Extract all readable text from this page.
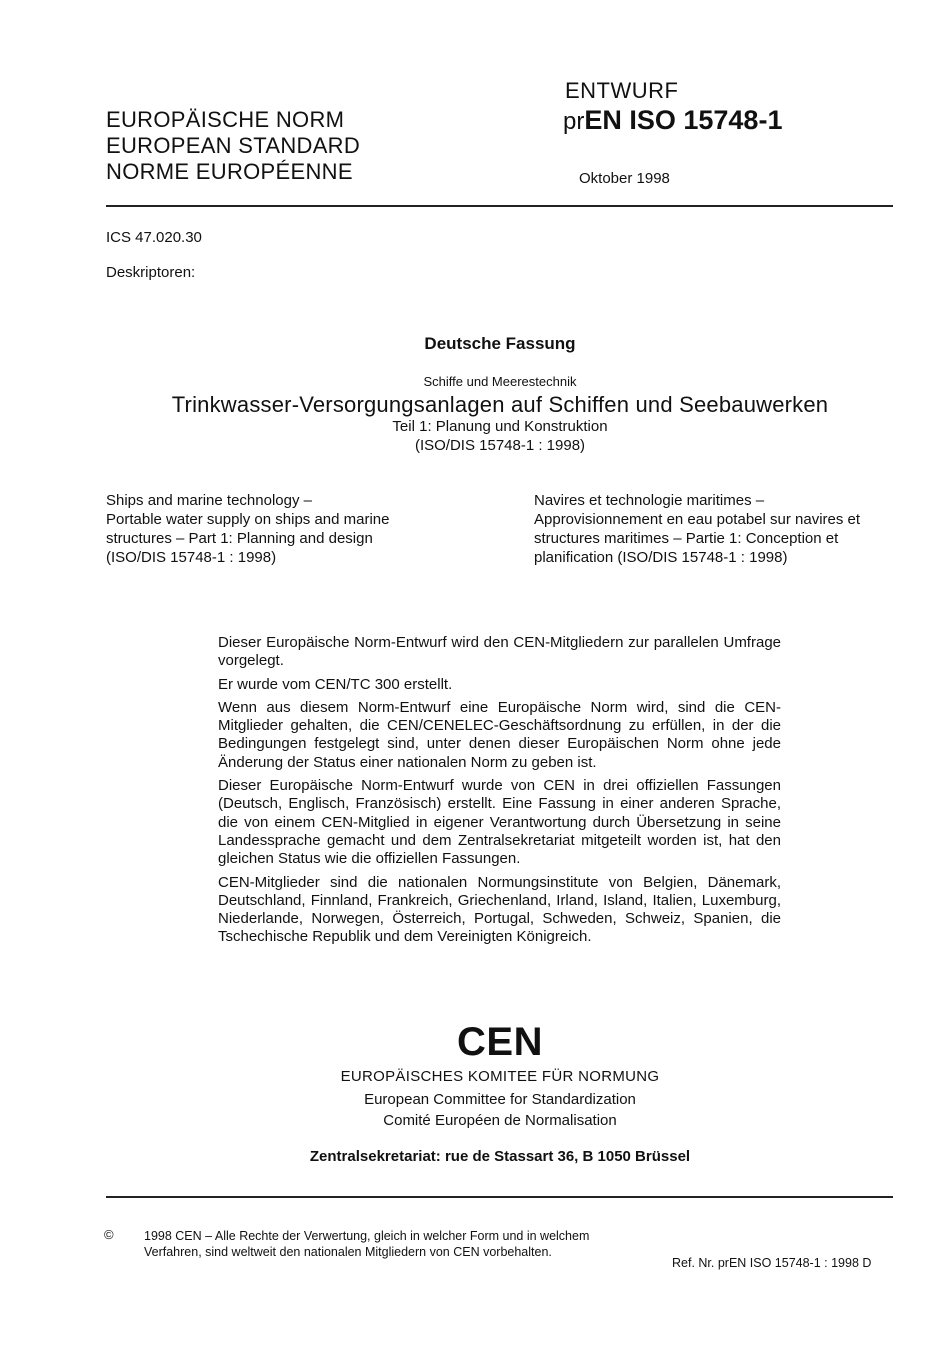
EUROPÄISCHE NORM
EUROPEAN STANDARD
NORME EUROPÉENNE
ENTWURF
prEN ISO 15748-1
Oktober 1998
ICS 47.020.30
Deskriptoren:
Deutsche Fassung
Schiffe und Meerestechnik
Trinkwasser-Versorgungsanlagen auf Schiffen und Seebauwerken
Teil 1: Planung und Konstruktion
(ISO/DIS 15748-1 : 1998)
Ships and marine technology –
Portable water supply on ships and marine
structures – Part 1: Planning and design
(ISO/DIS 15748-1 : 1998)
Navires et technologie maritimes –
Approvisionnement en eau potabel sur navires et
structures maritimes – Partie 1: Conception et
planification (ISO/DIS 15748-1 : 1998)

Dieser Europäische Norm-Entwurf wird den CEN-Mitgliedern zur parallelen Umfrage vorgelegt.

Er wurde vom CEN/TC 300 erstellt.

Wenn aus diesem Norm-Entwurf eine Europäische Norm wird, sind die CEN-Mitglieder gehalten, die CEN/CENELEC-Geschäftsordnung zu erfüllen, in der die Bedingungen festgelegt sind, unter denen dieser Europäischen Norm ohne jede Änderung der Status einer nationalen Norm zu geben ist.

Dieser Europäische Norm-Entwurf wurde von CEN in drei offiziellen Fassungen (Deutsch, Englisch, Französisch) erstellt. Eine Fassung in einer anderen Sprache, die von einem CEN-Mitglied in eigener Verantwortung durch Übersetzung in seine Landessprache gemacht und dem Zentralsekretariat mitgeteilt worden ist, hat den gleichen Status wie die offiziellen Fassungen.

CEN-Mitglieder sind die nationalen Normungsinstitute von Belgien, Dänemark, Deutschland, Finnland, Frankreich, Griechenland, Irland, Island, Italien, Luxemburg, Niederlande, Norwegen, Österreich, Portugal, Schweden, Schweiz, Spanien, die Tschechische Republik und dem Vereinigten Königreich.

CEN
EUROPÄISCHES KOMITEE FÜR NORMUNG
European Committee for Standardization
Comité Européen de Normalisation
Zentralsekretariat: rue de Stassart 36, B 1050 Brüssel
© 1998 CEN – Alle Rechte der Verwertung, gleich in welcher Form und in welchem
Verfahren, sind weltweit den nationalen Mitgliedern von CEN vorbehalten.
Ref. Nr. prEN ISO 15748-1 : 1998 D
